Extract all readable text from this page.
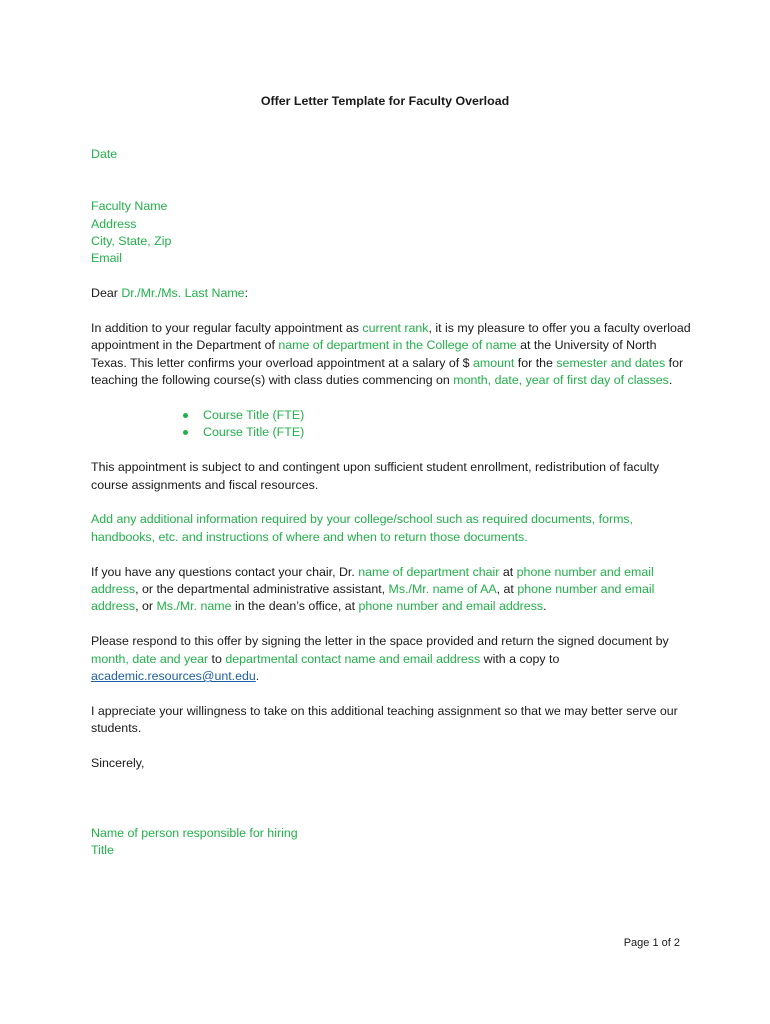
Offer Letter Template for Faculty Overload

Date

Faculty Name

Address

City, State, Zip

Email

Dear Dr./Mr./Ms. Last Name:

In addition to your regular faculty appointment as current rank, it is my pleasure to offer you a faculty overload appointment in the Department of name of department in the College of name at the University of North Texas. This letter confirms your overload appointment at a salary of $ amount for the semester and dates for teaching the following course(s) with class duties commencing on month, date, year of first day of classes.

Course Title (FTE)
Course Title (FTE)

This appointment is subject to and contingent upon sufficient student enrollment, redistribution of faculty course assignments and fiscal resources.

Add any additional information required by your college/school such as required documents, forms, handbooks, etc. and instructions of where and when to return those documents.

If you have any questions contact your chair, Dr. name of department chair at phone number and email address, or the departmental administrative assistant, Ms./Mr. name of AA, at phone number and email address, or Ms./Mr. name in the dean’s office, at phone number and email address.

Please respond to this offer by signing the letter in the space provided and return the signed document by month, date and year to departmental contact name and email address with a copy to academic.resources@unt.edu.

I appreciate your willingness to take on this additional teaching assignment so that we may better serve our students.

Sincerely,

Name of person responsible for hiring

Title

Page 1 of 2
